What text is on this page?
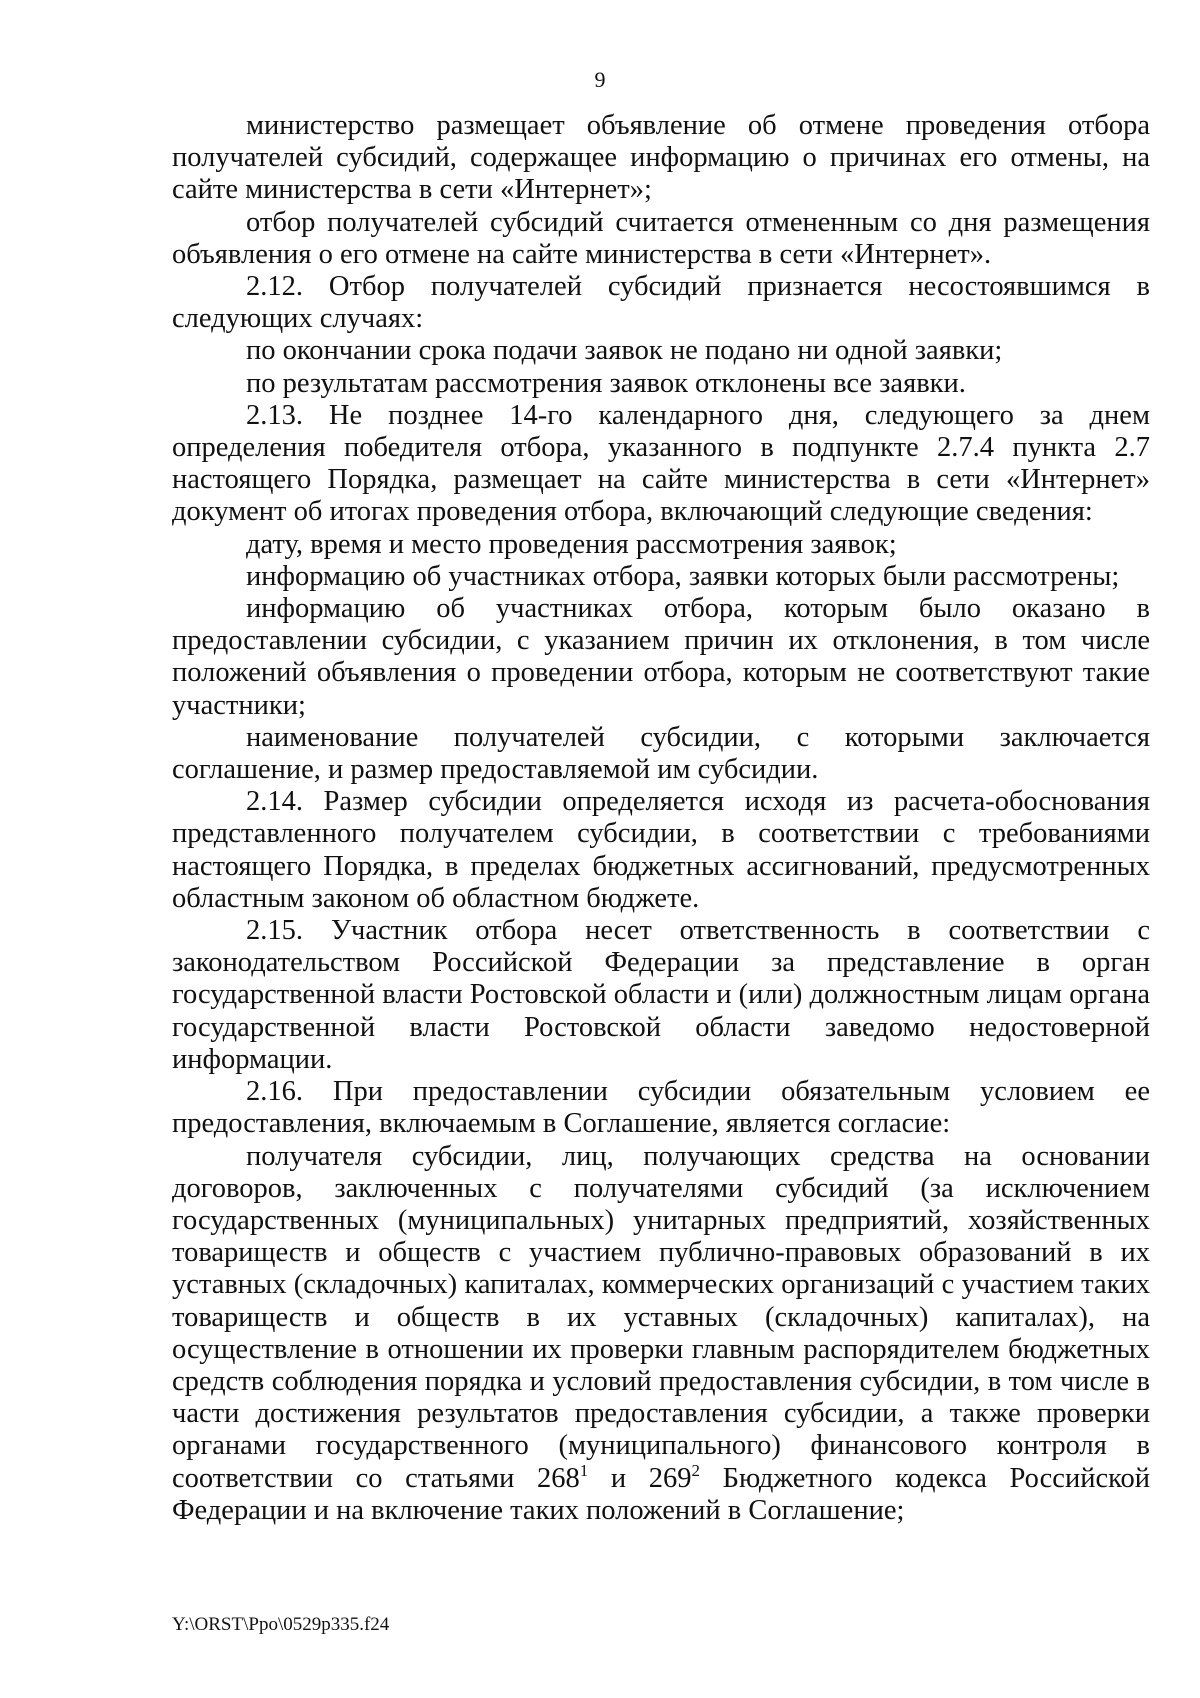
9

министерство размещает объявление об отмене проведения отбора получателей субсидий, содержащее информацию о причинах его отмены, на сайте министерства в сети «Интернет»;

отбор получателей субсидий считается отмененным со дня размещения объявления о его отмене на сайте министерства в сети «Интернет».

2.12. Отбор получателей субсидий признается несостоявшимся в следующих случаях:

по окончании срока подачи заявок не подано ни одной заявки;

по результатам рассмотрения заявок отклонены все заявки.

2.13. Не позднее 14-го календарного дня, следующего за днем определения победителя отбора, указанного в подпункте 2.7.4 пункта 2.7 настоящего Порядка, размещает на сайте министерства в сети «Интернет» документ об итогах проведения отбора, включающий следующие сведения:

дату, время и место проведения рассмотрения заявок;

информацию об участниках отбора, заявки которых были рассмотрены;

информацию об участниках отбора, которым было оказано в предоставлении субсидии, с указанием причин их отклонения, в том числе положений объявления о проведении отбора, которым не соответствуют такие участники;

наименование получателей субсидии, с которыми заключается соглашение, и размер предоставляемой им субсидии.

2.14. Размер субсидии определяется исходя из расчета-обоснования представленного получателем субсидии, в соответствии с требованиями настоящего Порядка, в пределах бюджетных ассигнований, предусмотренных областным законом об областном бюджете.

2.15. Участник отбора несет ответственность в соответствии с законодательством Российской Федерации за представление в орган государственной власти Ростовской области и (или) должностным лицам органа государственной власти Ростовской области заведомо недостоверной информации.

2.16. При предоставлении субсидии обязательным условием ее предоставления, включаемым в Соглашение, является согласие:

получателя субсидии, лиц, получающих средства на основании договоров, заключенных с получателями субсидий (за исключением государственных (муниципальных) унитарных предприятий, хозяйственных товариществ и обществ с участием публично-правовых образований в их уставных (складочных) капиталах, коммерческих организаций с участием таких товариществ и обществ в их уставных (складочных) капиталах), на осуществление в отношении их проверки главным распорядителем бюджетных средств соблюдения порядка и условий предоставления субсидии, в том числе в части достижения результатов предоставления субсидии, а также проверки органами государственного (муниципального) финансового контроля в соответствии со статьями $268^1$ и $269^2$ Бюджетного кодекса Российской Федерации и на включение таких положений в Соглашение;

Y:\ORST\Ppo\0529p335.f24
